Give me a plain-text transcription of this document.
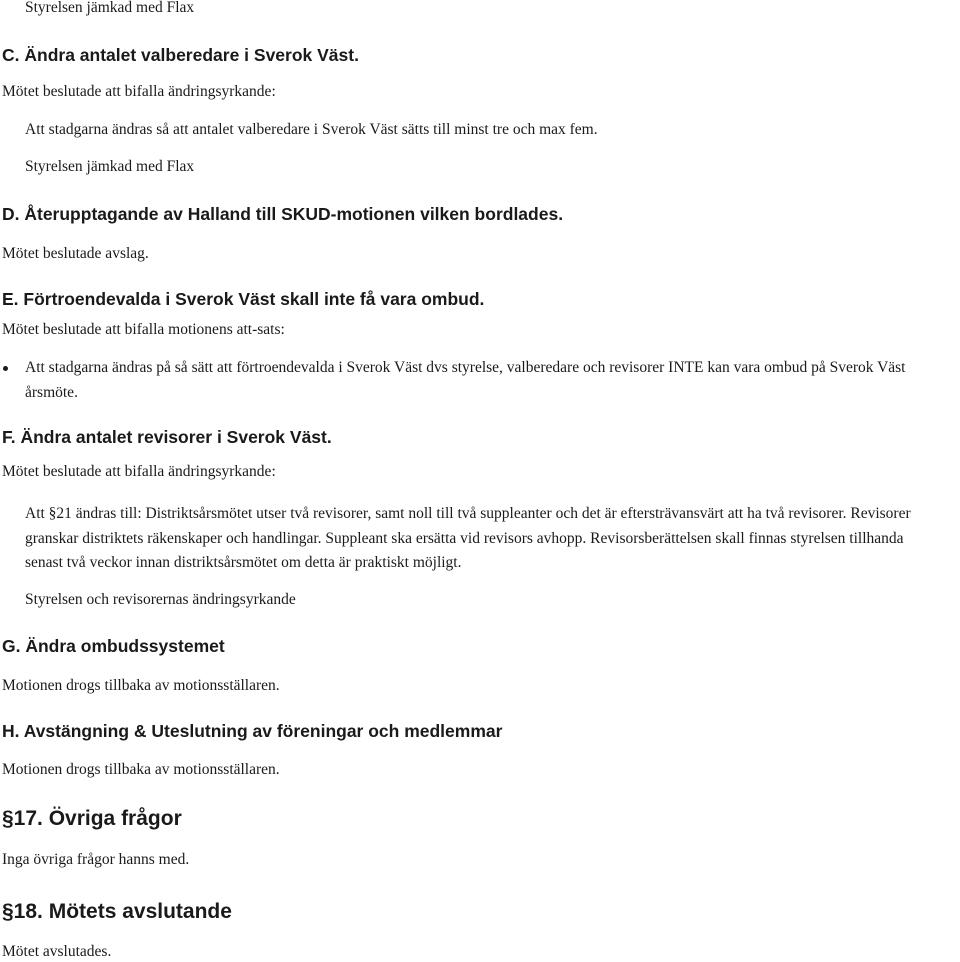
Styrelsen jämkad med Flax
C. Ändra antalet valberedare i Sverok Väst.
Mötet beslutade att bifalla ändringsyrkande:
Att stadgarna ändras så att antalet valberedare i Sverok Väst sätts till minst tre och max fem.
Styrelsen jämkad med Flax
D. Återupptagande av Halland till SKUD-motionen vilken bordlades.
Mötet beslutade avslag.
E. Förtroendevalda i Sverok Väst skall inte få vara ombud.
Mötet beslutade att bifalla motionens att-sats:
Att stadgarna ändras på så sätt att förtroendevalda i Sverok Väst dvs styrelse, valberedare och revisorer INTE kan vara ombud på Sverok Väst
årsmöte.
F. Ändra antalet revisorer i Sverok Väst.
Mötet beslutade att bifalla ändringsyrkande:
Att §21 ändras till: Distriktsårsmötet utser två revisorer, samt noll till två suppleanter och det är eftersträvansvärt att ha två revisorer. Revisorer
granskar distriktets räkenskaper och handlingar. Suppleant ska ersätta vid revisors avhopp. Revisorsberättelsen skall finnas styrelsen tillhanda
senast två veckor innan distriktsårsmötet om detta är praktiskt möjligt.
Styrelsen och revisorernas ändringsyrkande
G. Ändra ombudssystemet
Motionen drogs tillbaka av motionsställaren.
H. Avstängning & Uteslutning av föreningar och medlemmar
Motionen drogs tillbaka av motionsställaren.
§17. Övriga frågor
Inga övriga frågor hanns med.
§18. Mötets avslutande
Mötet avslutades.
